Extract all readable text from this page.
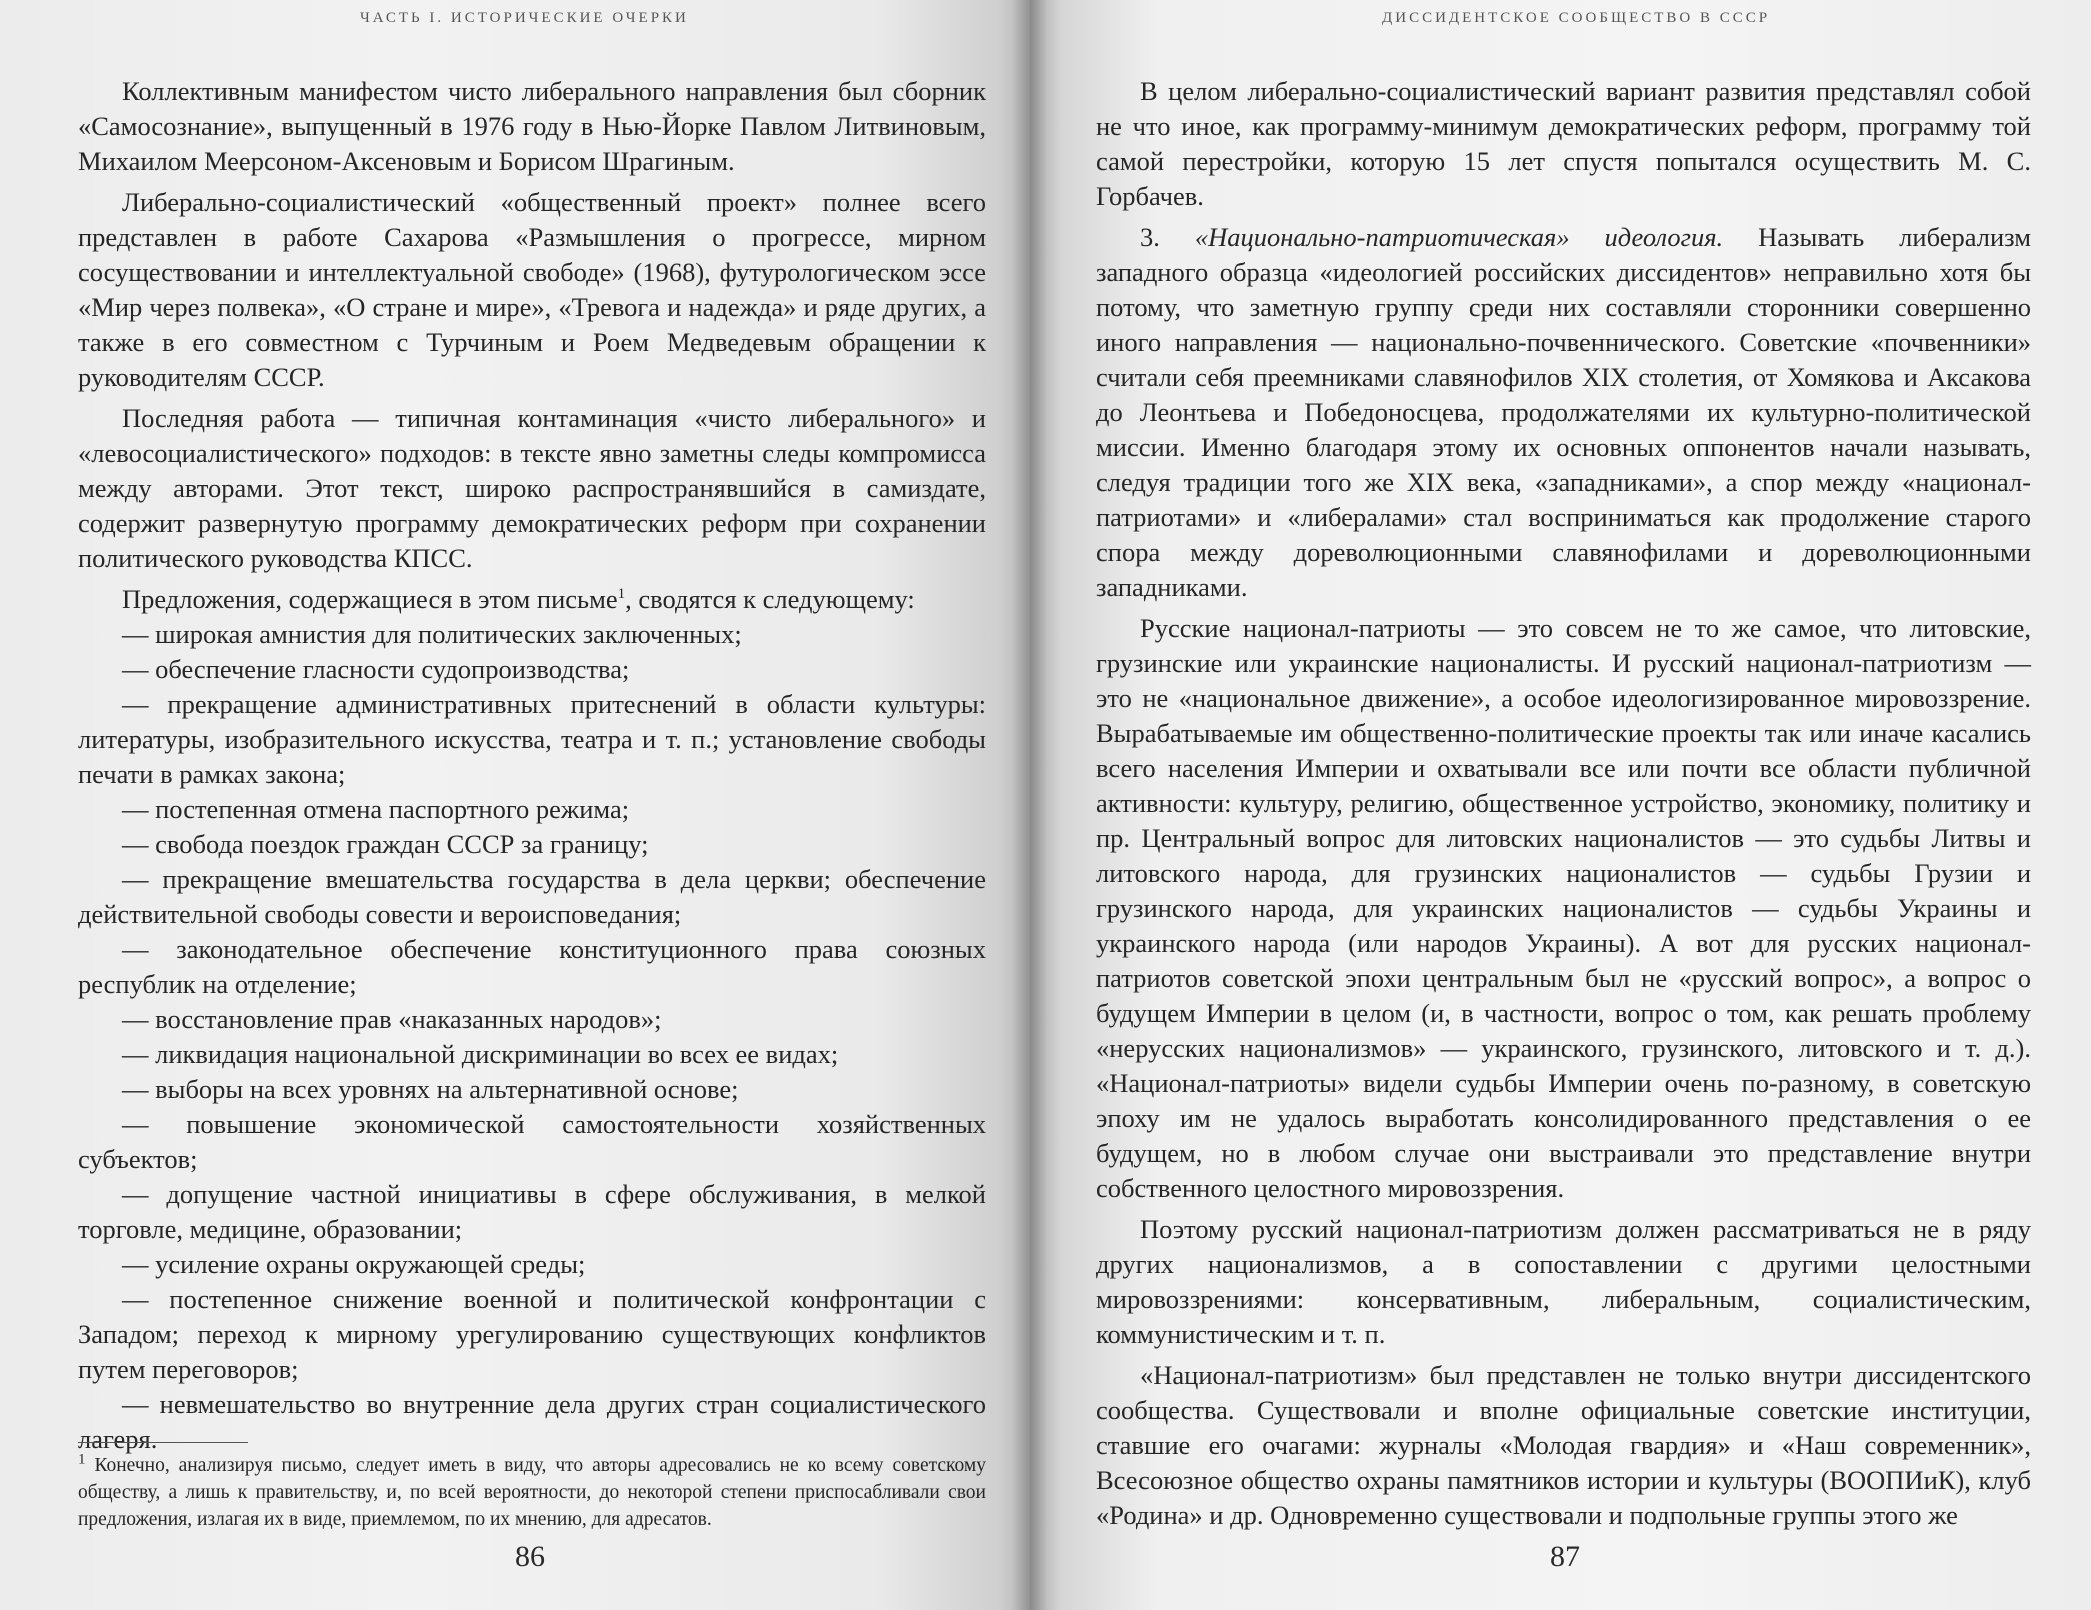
ЧАСТЬ I. ИСТОРИЧЕСКИЕ ОЧЕРКИ

Коллективным манифестом чисто либерального направления был сборник «Самосознание», выпущенный в 1976 году в Нью-Йорке Павлом Литвиновым, Михаилом Меерсоном-Аксеновым и Борисом Шрагиным.

Либерально-социалистический «общественный проект» полнее всего представлен в работе Сахарова «Размышления о прогрессе, мирном сосуществовании и интеллектуальной свободе» (1968), футурологическом эссе «Мир через полвека», «О стране и мире», «Тревога и надежда» и ряде других, а также в его совместном с Турчиным и Роем Медведевым обращении к руководителям СССР.

Последняя работа — типичная контаминация «чисто либерального» и «левосоциалистического» подходов: в тексте явно заметны следы компромисса между авторами. Этот текст, широко распространявшийся в самиздате, содержит развернутую программу демократических реформ при сохранении политического руководства КПСС.

Предложения, содержащиеся в этом письме$^1$, сводятся к следующему:

— широкая амнистия для политических заключенных;

— обеспечение гласности судопроизводства;

— прекращение административных притеснений в области культуры: литературы, изобразительного искусства, театра и т. п.; установление свободы печати в рамках закона;

— постепенная отмена паспортного режима;

— свобода поездок граждан СССР за границу;

— прекращение вмешательства государства в дела церкви; обеспечение действительной свободы совести и вероисповедания;

— законодательное обеспечение конституционного права союзных республик на отделение;

— восстановление прав «наказанных народов»;

— ликвидация национальной дискриминации во всех ее видах;

— выборы на всех уровнях на альтернативной основе;

— повышение экономической самостоятельности хозяйственных субъектов;

— допущение частной инициативы в сфере обслуживания, в мелкой торговле, медицине, образовании;

— усиление охраны окружающей среды;

— постепенное снижение военной и политической конфронтации с Западом; переход к мирному урегулированию существующих конфликтов путем переговоров;

— невмешательство во внутренние дела других стран социалистического лагеря.

$^1$ Конечно, анализируя письмо, следует иметь в виду, что авторы адресовались не ко всему советскому обществу, а лишь к правительству, и, по всей вероятности, до некоторой степени приспосабливали свои предложения, излагая их в виде, приемлемом, по их мнению, для адресатов.

86
ДИССИДЕНТСКОЕ СООБЩЕСТВО В СССР

В целом либерально-социалистический вариант развития представлял собой не что иное, как программу-минимум демократических реформ, программу той самой перестройки, которую 15 лет спустя попытался осуществить М. С. Горбачев.

3. «Национально-патриотическая» идеология. Называть либерализм западного образца «идеологией российских диссидентов» неправильно хотя бы потому, что заметную группу среди них составляли сторонники совершенно иного направления — национально-почвеннического. Советские «почвенники» считали себя преемниками славянофилов XIX столетия, от Хомякова и Аксакова до Леонтьева и Победоносцева, продолжателями их культурно-политической миссии. Именно благодаря этому их основных оппонентов начали называть, следуя традиции того же XIX века, «западниками», а спор между «национал-патриотами» и «либералами» стал восприниматься как продолжение старого спора между дореволюционными славянофилами и дореволюционными западниками.

Русские национал-патриоты — это совсем не то же самое, что литовские, грузинские или украинские националисты. И русский национал-патриотизм — это не «национальное движение», а особое идеологизированное мировоззрение. Вырабатываемые им общественно-политические проекты так или иначе касались всего населения Империи и охватывали все или почти все области публичной активности: культуру, религию, общественное устройство, экономику, политику и пр. Центральный вопрос для литовских националистов — это судьбы Литвы и литовского народа, для грузинских националистов — судьбы Грузии и грузинского народа, для украинских националистов — судьбы Украины и украинского народа (или народов Украины). А вот для русских национал-патриотов советской эпохи центральным был не «русский вопрос», а вопрос о будущем Империи в целом (и, в частности, вопрос о том, как решать проблему «нерусских национализмов» — украинского, грузинского, литовского и т. д.). «Национал-патриоты» видели судьбы Империи очень по-разному, в советскую эпоху им не удалось выработать консолидированного представления о ее будущем, но в любом случае они выстраивали это представление внутри собственного целостного мировоззрения.

Поэтому русский национал-патриотизм должен рассматриваться не в ряду других национализмов, а в сопоставлении с другими целостными мировоззрениями: консервативным, либеральным, социалистическим, коммунистическим и т. п.

«Национал-патриотизм» был представлен не только внутри диссидентского сообщества. Существовали и вполне официальные советские институции, ставшие его очагами: журналы «Молодая гвардия» и «Наш современник», Всесоюзное общество охраны памятников истории и культуры (ВООПИиК), клуб «Родина» и др. Одновременно существовали и подпольные группы этого же

87
